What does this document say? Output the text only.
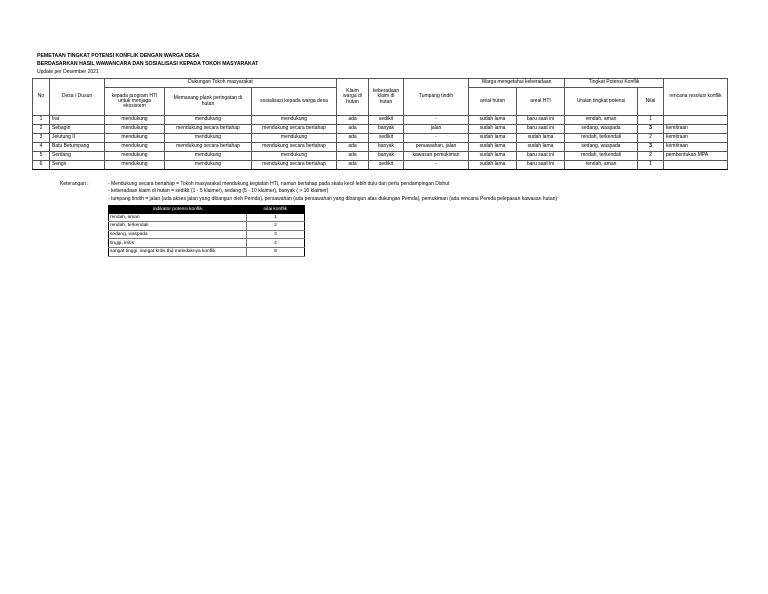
PEMETAAN TINGKAT POTENSI KONFLIK DENGAN WARGA DESA
BERDASARKAN HASIL WAWANCARA DAN SOSIALISASI KEPADA TOKOH MASYARAKAT
Update per Desember 2021
No	Desa / Dusun	Dukungan Tokoh masyarakat			Klaim warga di hutan	keberadaan klaim di hutan	Tumpang tindih	Warga mengetahui keberadaan		Tingkat Potensi Konflik		rencana resolusi konflik
		kepada program HTI untuk menjaga ekosistem	Memasang plank peringatan di hutan	sosialisasi kepada warga desa				areal hutan	areal HTI	Uraian tingkat potensi	Nilai	
1	Irat	mendukung	mendukung	mendukung	ada	sedikit	-	sudah lama	baru saat ini	rendah, aman	1	
2	Sebagin	mendukung	mendukung secara bertahap	mendukung secara bertahap	ada	banyak	jalan	sudah lama	baru saat ini	sedang, waspada	3	kemitraan
3	Jelutung II	mendukung	mendukung	mendukung	ada	sedikit	-	sudah lama	sudah lama	rendah, terkendali	2	kemitraan
4	Batu Betumpang	mendukung	mendukung secara bertahap	mendukung secara bertahap	ada	banyak	persawahan, jalan	sudah lama	sudah lama	sedang, waspada	3	kemitraan
5	Serdang	mendukung	mendukung	mendukung	ada	banyak	kawasan pemukiman	sudah lama	baru saat ini	rendah, terkendali	2	pembentukan MPA
6	Sengir	mendukung	mendukung	mendukung secara bertahap	ada	sedikit	-	sudah lama	baru saat ini	rendah, aman	1	
Keterangan :	- Mendukung secara bertahap = Tokoh masyarakat mendukung kegiatan HTI, namun bertahap pada skala kecil lebih dulu dan perlu pendampingan Dishut
- keberadaan klaim di hutan = sedikit (1 - 5 klaimer), sedang (5 - 10 klaimer), banyak ( > 10 klaimer)
- tumpang tindih = jalan (ada akses jalan yang dibangun oleh Pemda), persawahan (ada persawahan yang dibangun atas dukungan Pemda), pemukiman (ada rencana Pemda pelepasan kawasan hutan)
indikator potensi konflik	nilai konflik
rendah, aman	1
rendah, terkendali	2
sedang, waspada	3
tinggi, kritis	4
sangat tinggi, sangat kritis thd meledaknya konflik	5
